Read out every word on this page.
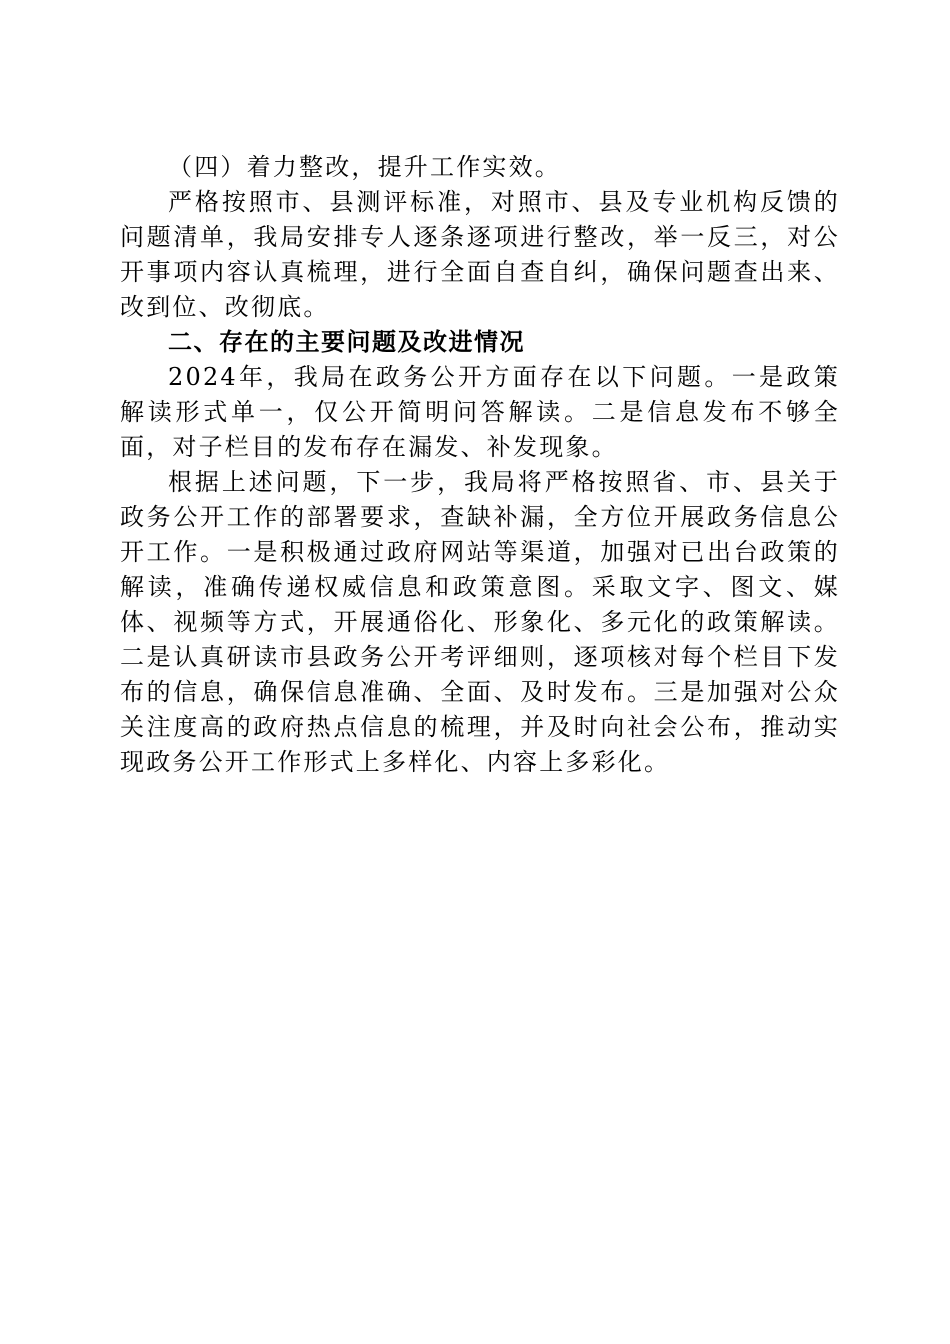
（四）着力整改，提升工作实效。

严格按照市、县测评标准，对照市、县及专业机构反馈的问题清单，我局安排专人逐条逐项进行整改，举一反三，对公开事项内容认真梳理，进行全面自查自纠，确保问题查出来、改到位、改彻底。

二、存在的主要问题及改进情况

2024年，我局在政务公开方面存在以下问题。一是政策解读形式单一，仅公开简明问答解读。二是信息发布不够全面，对子栏目的发布存在漏发、补发现象。

根据上述问题，下一步，我局将严格按照省、市、县关于政务公开工作的部署要求，查缺补漏，全方位开展政务信息公开工作。一是积极通过政府网站等渠道，加强对已出台政策的解读，准确传递权威信息和政策意图。采取文字、图文、媒体、视频等方式，开展通俗化、形象化、多元化的政策解读。二是认真研读市县政务公开考评细则，逐项核对每个栏目下发布的信息，确保信息准确、全面、及时发布。三是加强对公众关注度高的政府热点信息的梳理，并及时向社会公布，推动实现政务公开工作形式上多样化、内容上多彩化。
